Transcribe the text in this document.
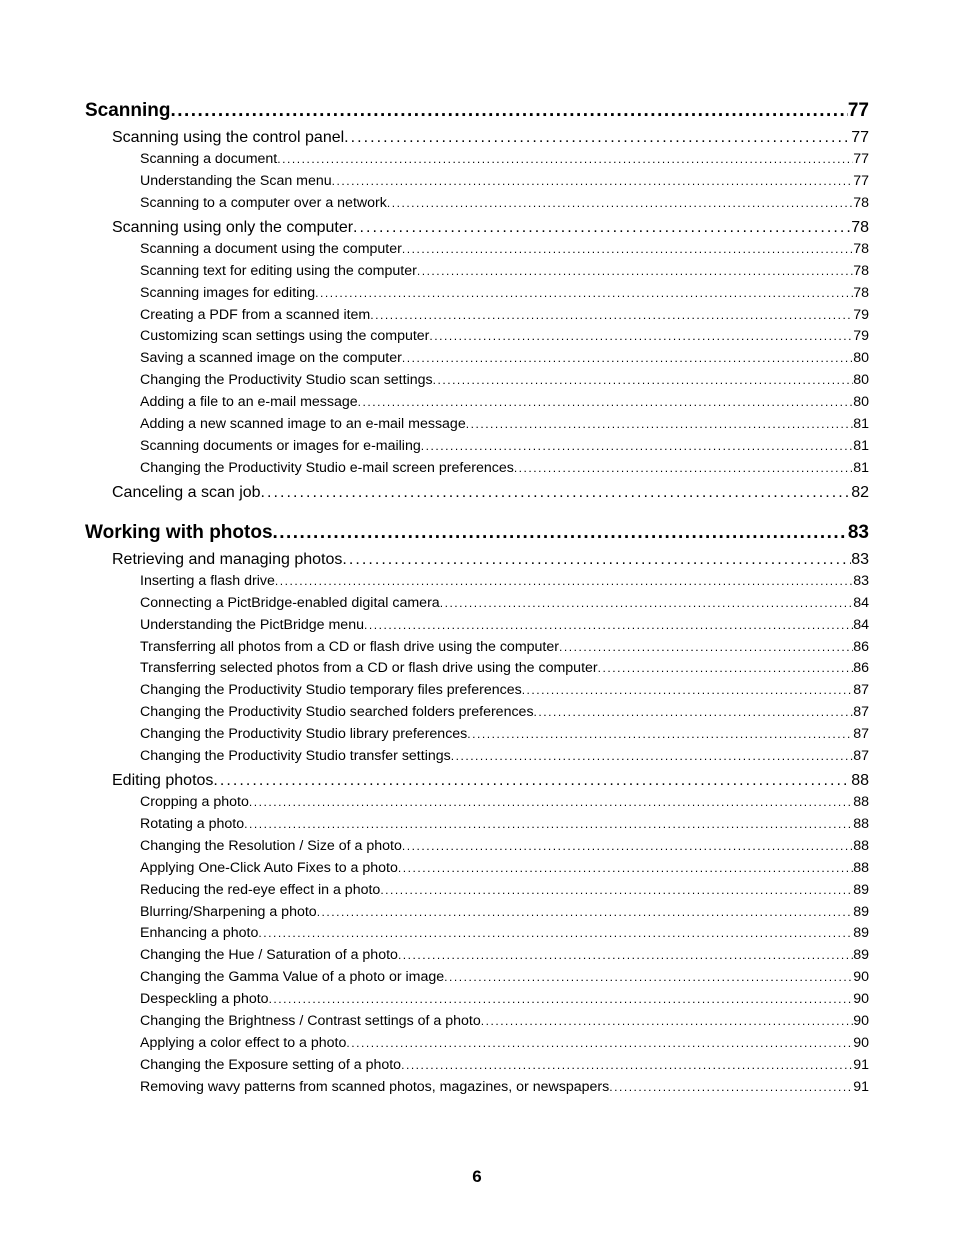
Scanning . . .	77
Scanning using the control panel . . .	77
Scanning a document . . .	77
Understanding the Scan menu . . .	77
Scanning to a computer over a network . . .	78
Scanning using only the computer . . .	78
Scanning a document using the computer . . .	78
Scanning text for editing using the computer . . .	78
Scanning images for editing . . .	78
Creating a PDF from a scanned item . . .	79
Customizing scan settings using the computer . . .	79
Saving a scanned image on the computer . . .	80
Changing the Productivity Studio scan settings . . .	80
Adding a file to an e-mail message . . .	80
Adding a new scanned image to an e-mail message . . .	81
Scanning documents or images for e-mailing . . .	81
Changing the Productivity Studio e-mail screen preferences . . .	81
Canceling a scan job . . .	82
Working with photos . . .	83
Retrieving and managing photos . . .	83
Inserting a flash drive . . .	83
Connecting a PictBridge-enabled digital camera . . .	84
Understanding the PictBridge menu . . .	84
Transferring all photos from a CD or flash drive using the computer . . .	86
Transferring selected photos from a CD or flash drive using the computer . . .	86
Changing the Productivity Studio temporary files preferences . . .	87
Changing the Productivity Studio searched folders preferences . . .	87
Changing the Productivity Studio library preferences . . .	87
Changing the Productivity Studio transfer settings . . .	87
Editing photos . . .	88
Cropping a photo . . .	88
Rotating a photo . . .	88
Changing the Resolution / Size of a photo . . .	88
Applying One-Click Auto Fixes to a photo . . .	88
Reducing the red-eye effect in a photo . . .	89
Blurring/Sharpening a photo . . .	89
Enhancing a photo . . .	89
Changing the Hue / Saturation of a photo . . .	89
Changing the Gamma Value of a photo or image . . .	90
Despeckling a photo . . .	90
Changing the Brightness / Contrast settings of a photo . . .	90
Applying a color effect to a photo . . .	90
Changing the Exposure setting of a photo . . .	91
Removing wavy patterns from scanned photos, magazines, or newspapers . . .	91
6
